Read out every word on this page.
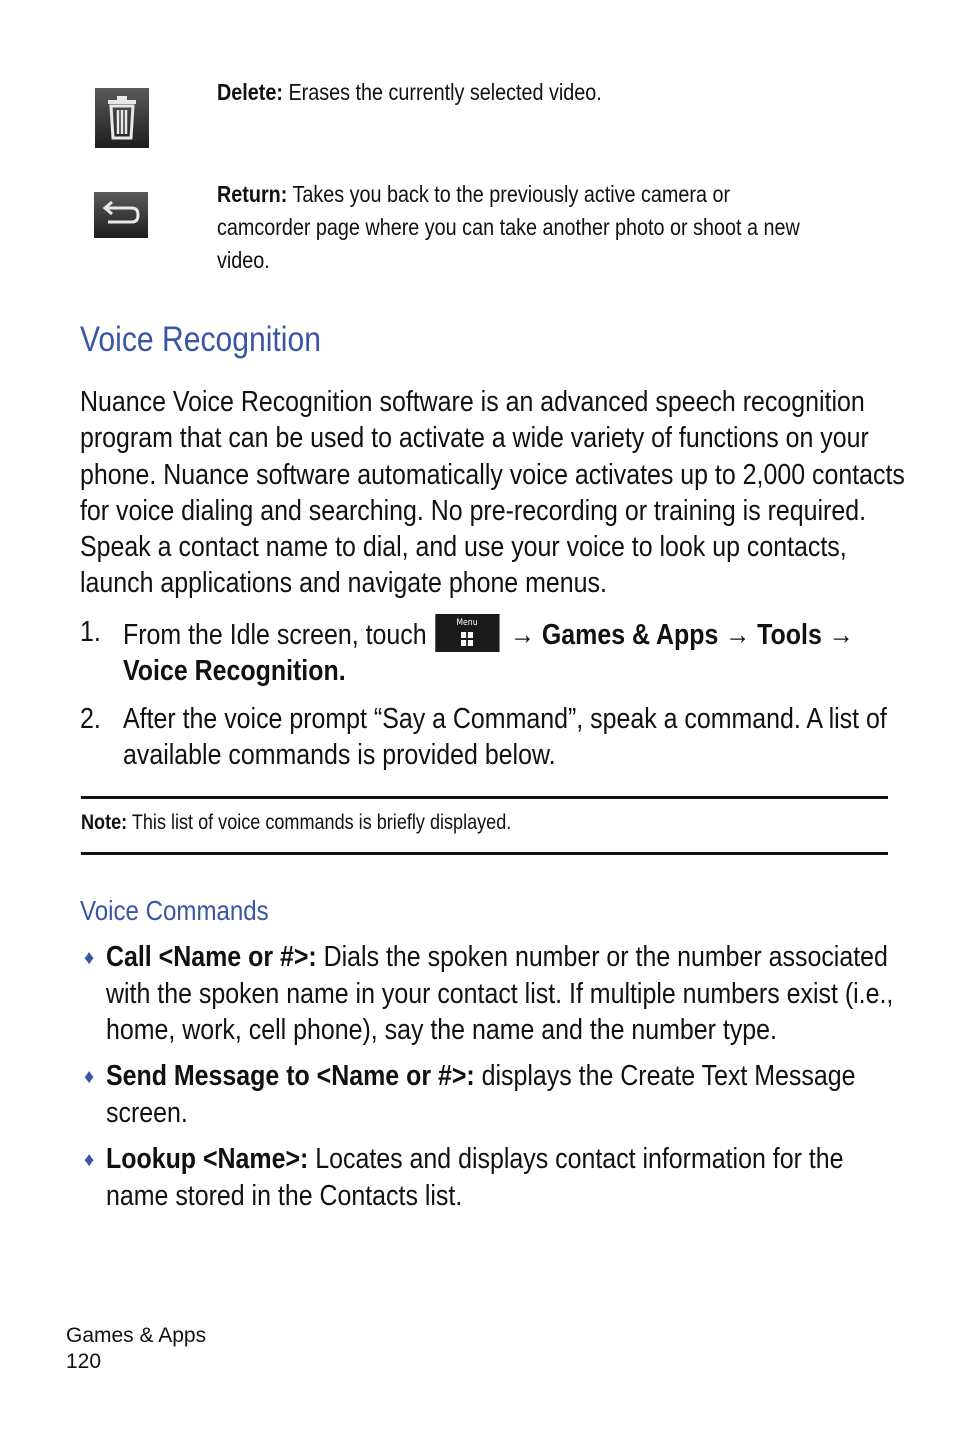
Delete: Erases the currently selected video.
Return: Takes you back to the previously active camera or
camcorder page where you can take another photo or shoot a new
video.
Voice Recognition
Nuance Voice Recognition software is an advanced speech recognition
program that can be used to activate a wide variety of functions on your
phone. Nuance software automatically voice activates up to 2,000 contacts
for voice dialing and searching. No pre-recording or training is required.
Speak a contact name to dial, and use your voice to look up contacts,
launch applications and navigate phone menus.
1. From the Idle screen, touch	Menu → Games & Apps → Tools →
Voice Recognition.
2. After the voice prompt “Say a Command”, speak a command. A list of
available commands is provided below.
Note: This list of voice commands is briefly displayed.
Voice Commands
♦ Call <Name or #>: Dials the spoken number or the number associated
with the spoken name in your contact list. If multiple numbers exist (i.e.,
home, work, cell phone), say the name and the number type.
♦ Send Message to <Name or #>: displays the Create Text Message
screen.
♦ Lookup <Name>: Locates and displays contact information for the
name stored in the Contacts list.
Games & Apps
120
